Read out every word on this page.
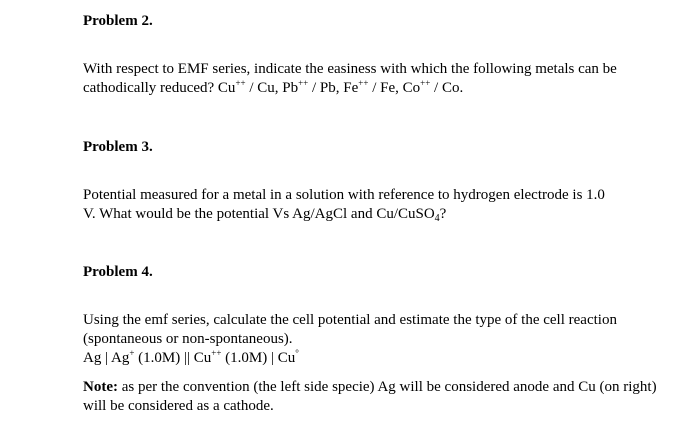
Problem 2.
With respect to EMF series, indicate the easiness with which the following metals can be
cathodically reduced? Cu++ / Cu, Pb++ / Pb, Fe++ / Fe, Co++ / Co.
Problem 3.
Potential measured for a metal in a solution with reference to hydrogen electrode is 1.0
V. What would be the potential Vs Ag/AgCl and Cu/CuSO$_4$?
Problem 4.
Using the emf series, calculate the cell potential and estimate the type of the cell reaction
(spontaneous or non-spontaneous).
Ag | Ag+ (1.0M) || Cu++ (1.0M) | Cu°
Note: as per the convention (the left side specie) Ag will be considered anode and Cu (on right)
will be considered as a cathode.
